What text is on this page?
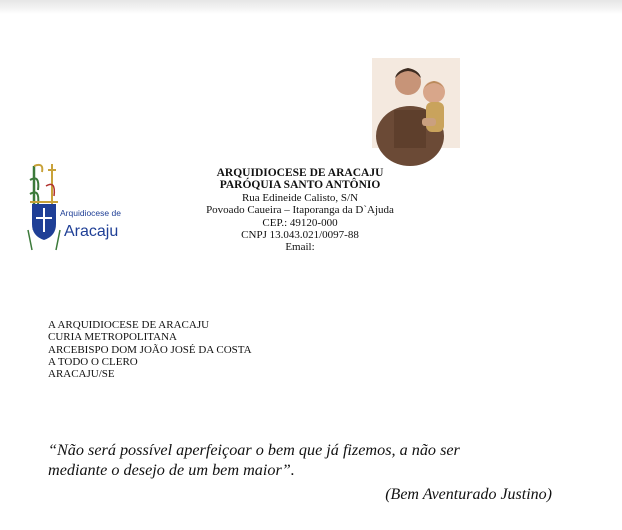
Arquidiocese de
Aracaju
ARQUIDIOCESE DE ARACAJU
PARÓQUIA SANTO ANTÔNIO
Rua Edineide Calisto, S/N
Povoado Caueira – Itaporanga da D`Ajuda
CEP.: 49120-000
CNPJ 13.043.021/0097-88
Email:
A ARQUIDIOCESE DE ARACAJU
CURIA METROPOLITANA
ARCEBISPO DOM JOÃO JOSÉ DA COSTA
A TODO O CLERO
ARACAJU/SE
“Não será possível aperfeiçoar o bem que já fizemos, a não ser
mediante o desejo de um bem maior”.
(Bem Aventurado Justino)
